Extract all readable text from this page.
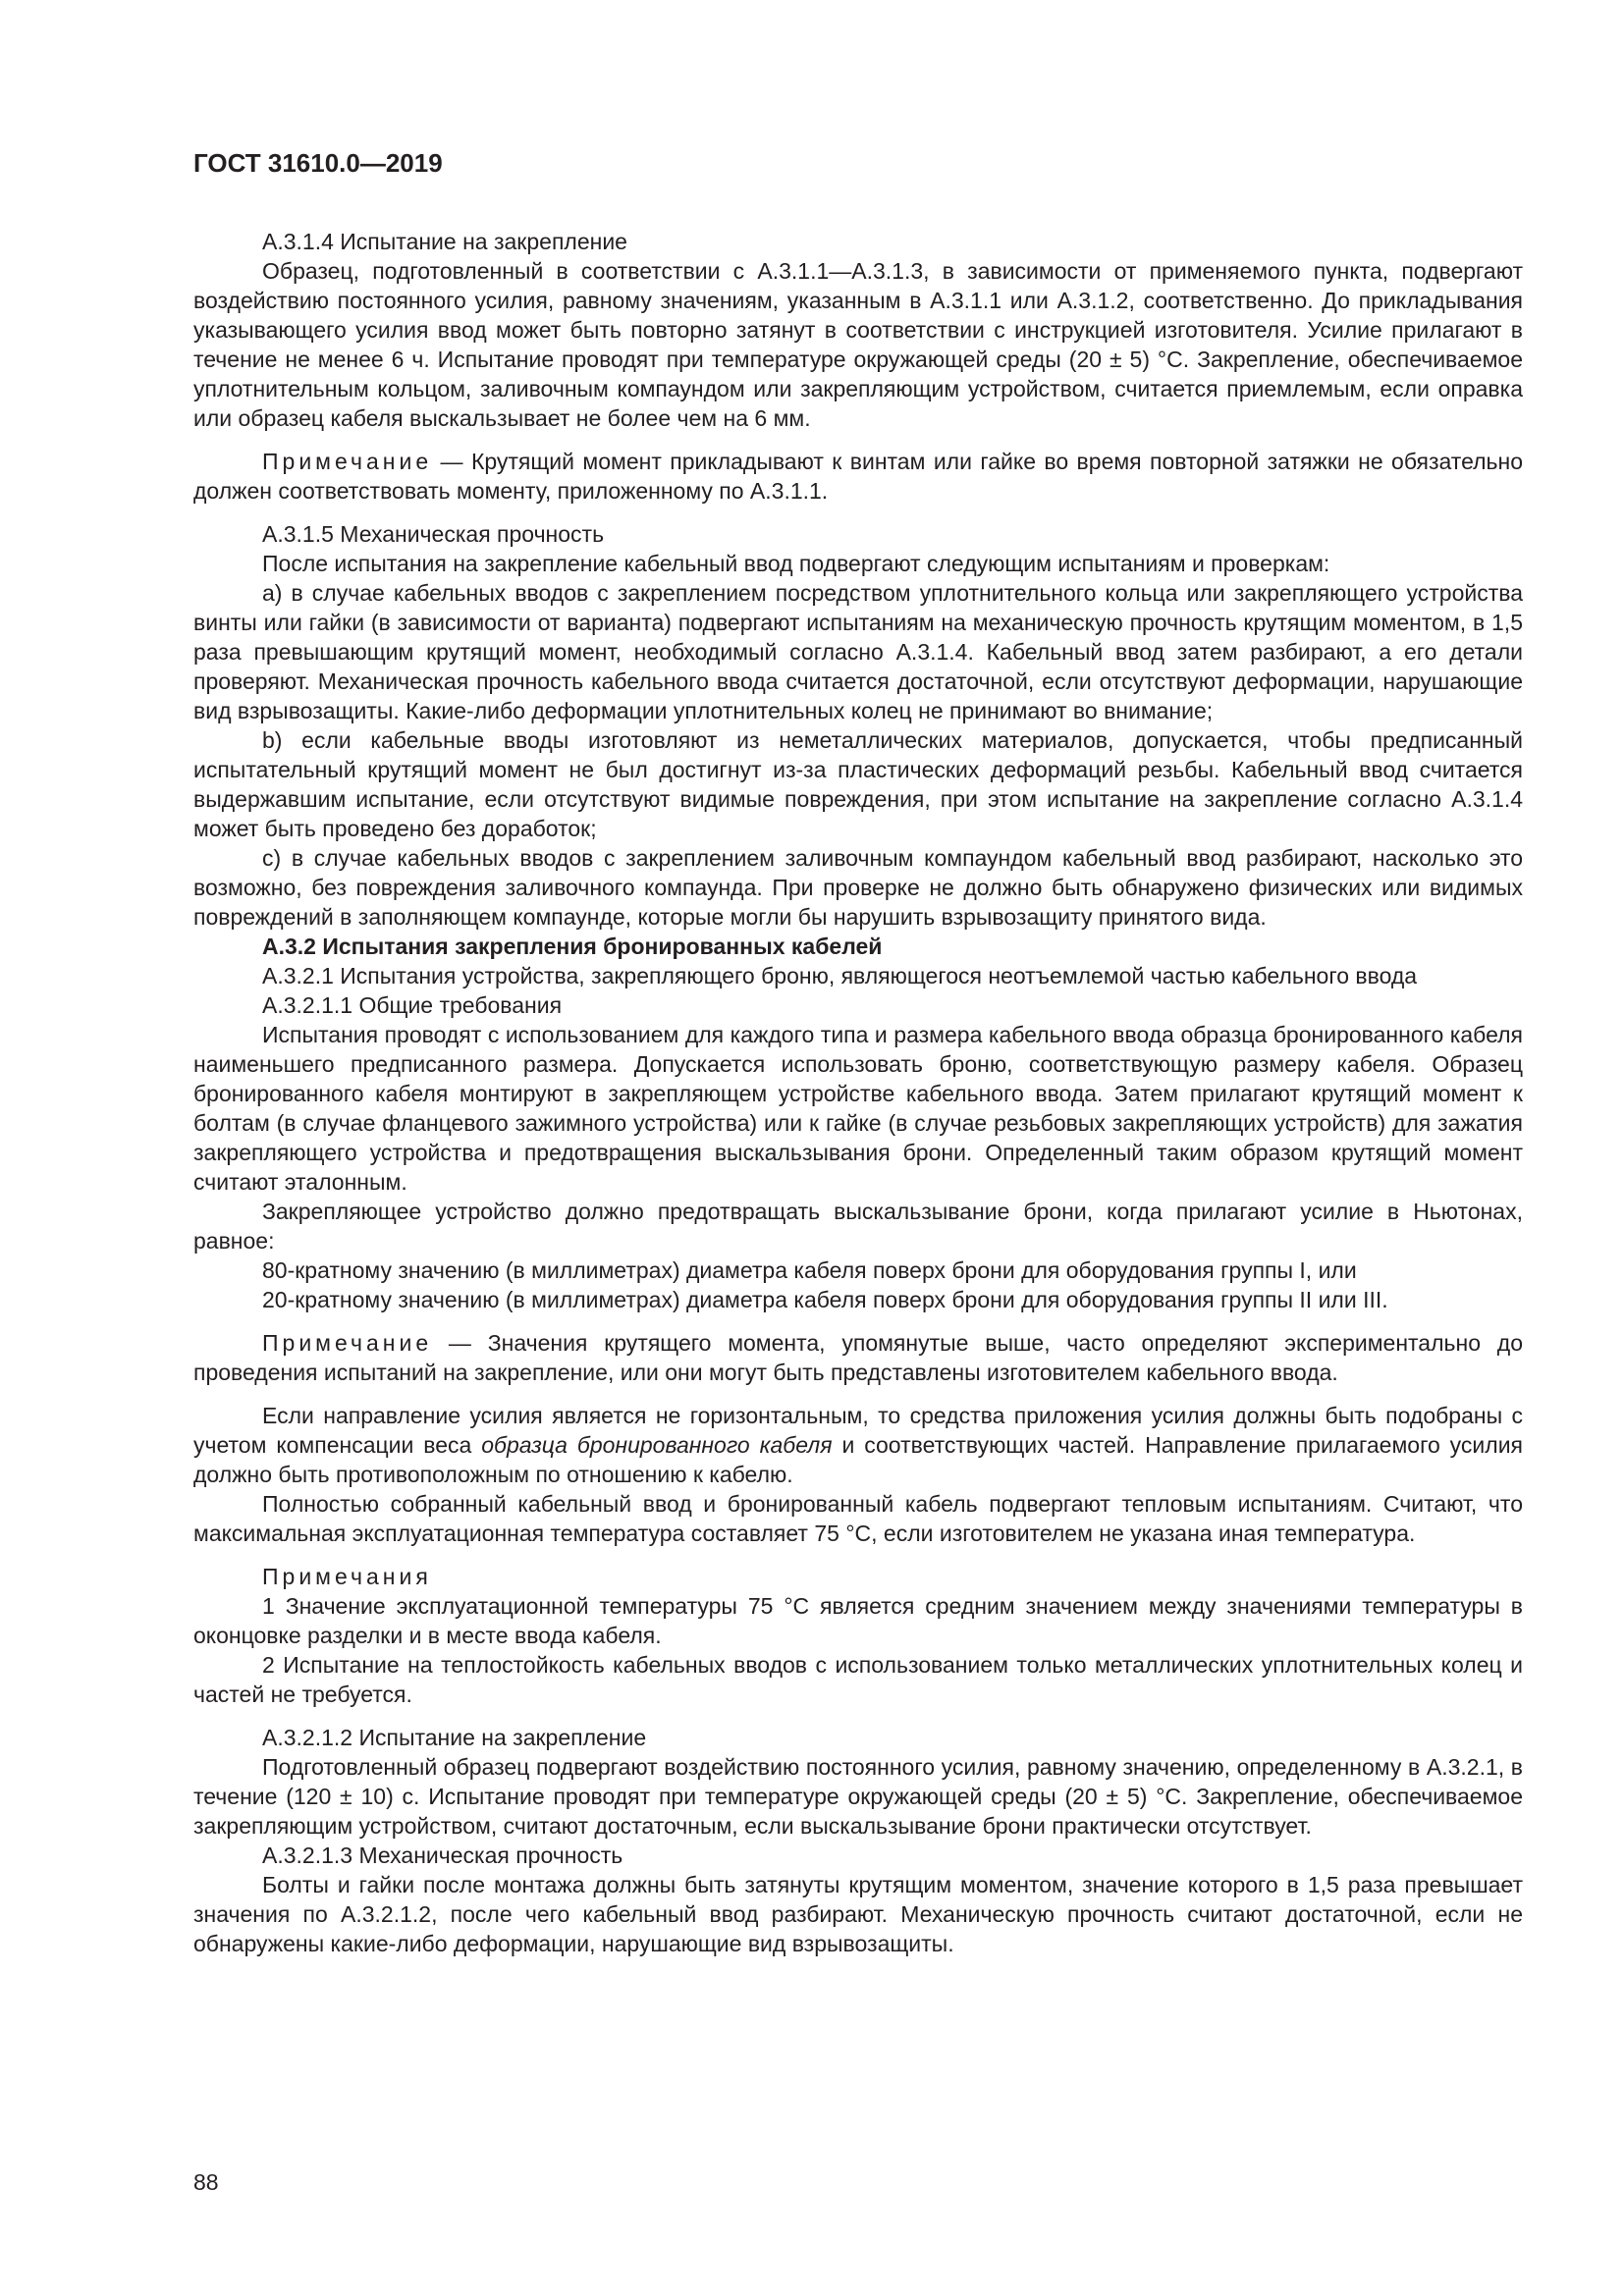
ГОСТ 31610.0—2019

А.3.1.4 Испытание на закрепление

Образец, подготовленный в соответствии с А.3.1.1—А.3.1.3, в зависимости от применяемого пункта, подвергают воздействию постоянного усилия, равному значениям, указанным в А.3.1.1 или А.3.1.2, соответственно. До прикладывания указывающего усилия ввод может быть повторно затянут в соответствии с инструкцией изготовителя. Усилие прилагают в течение не менее 6 ч. Испытание проводят при температуре окружающей среды (20 ± 5) °С. Закрепление, обеспечиваемое уплотнительным кольцом, заливочным компаундом или закрепляющим устройством, считается приемлемым, если оправка или образец кабеля выскальзывает не более чем на 6 мм.

Примечание — Крутящий момент прикладывают к винтам или гайке во время повторной затяжки не обязательно должен соответствовать моменту, приложенному по А.3.1.1.

А.3.1.5 Механическая прочность

После испытания на закрепление кабельный ввод подвергают следующим испытаниям и проверкам:

а) в случае кабельных вводов с закреплением посредством уплотнительного кольца или закрепляющего устройства винты или гайки (в зависимости от варианта) подвергают испытаниям на механическую прочность крутящим моментом, в 1,5 раза превышающим крутящий момент, необходимый согласно А.3.1.4. Кабельный ввод затем разбирают, а его детали проверяют. Механическая прочность кабельного ввода считается достаточной, если отсутствуют деформации, нарушающие вид взрывозащиты. Какие-либо деформации уплотнительных колец не принимают во внимание;

b) если кабельные вводы изготовляют из неметаллических материалов, допускается, чтобы предписанный испытательный крутящий момент не был достигнут из-за пластических деформаций резьбы. Кабельный ввод считается выдержавшим испытание, если отсутствуют видимые повреждения, при этом испытание на закрепление согласно А.3.1.4 может быть проведено без доработок;

с) в случае кабельных вводов с закреплением заливочным компаундом кабельный ввод разбирают, насколько это возможно, без повреждения заливочного компаунда. При проверке не должно быть обнаружено физических или видимых повреждений в заполняющем компаунде, которые могли бы нарушить взрывозащиту принятого вида.

А.3.2 Испытания закрепления бронированных кабелей

А.3.2.1 Испытания устройства, закрепляющего броню, являющегося неотъемлемой частью кабельного ввода

А.3.2.1.1 Общие требования

Испытания проводят с использованием для каждого типа и размера кабельного ввода образца бронированного кабеля наименьшего предписанного размера. Допускается использовать броню, соответствующую размеру кабеля. Образец бронированного кабеля монтируют в закрепляющем устройстве кабельного ввода. Затем прилагают крутящий момент к болтам (в случае фланцевого зажимного устройства) или к гайке (в случае резьбовых закрепляющих устройств) для зажатия закрепляющего устройства и предотвращения выскальзывания брони. Определенный таким образом крутящий момент считают эталонным.

Закрепляющее устройство должно предотвращать выскальзывание брони, когда прилагают усилие в Ньютонах, равное:

80-кратному значению (в миллиметрах) диаметра кабеля поверх брони для оборудования группы I, или

20-кратному значению (в миллиметрах) диаметра кабеля поверх брони для оборудования группы II или III.

Примечание — Значения крутящего момента, упомянутые выше, часто определяют экспериментально до проведения испытаний на закрепление, или они могут быть представлены изготовителем кабельного ввода.

Если направление усилия является не горизонтальным, то средства приложения усилия должны быть подобраны с учетом компенсации веса образца бронированного кабеля и соответствующих частей. Направление прилагаемого усилия должно быть противоположным по отношению к кабелю.

Полностью собранный кабельный ввод и бронированный кабель подвергают тепловым испытаниям. Считают, что максимальная эксплуатационная температура составляет 75 °С, если изготовителем не указана иная температура.

Примечания

1 Значение эксплуатационной температуры 75 °С является средним значением между значениями температуры в оконцовке разделки и в месте ввода кабеля.

2 Испытание на теплостойкость кабельных вводов с использованием только металлических уплотнительных колец и частей не требуется.

А.3.2.1.2 Испытание на закрепление

Подготовленный образец подвергают воздействию постоянного усилия, равному значению, определенному в А.3.2.1, в течение (120 ± 10) с. Испытание проводят при температуре окружающей среды (20 ± 5) °С. Закрепление, обеспечиваемое закрепляющим устройством, считают достаточным, если выскальзывание брони практически отсутствует.

А.3.2.1.3 Механическая прочность

Болты и гайки после монтажа должны быть затянуты крутящим моментом, значение которого в 1,5 раза превышает значения по А.3.2.1.2, после чего кабельный ввод разбирают. Механическую прочность считают достаточной, если не обнаружены какие-либо деформации, нарушающие вид взрывозащиты.

88
